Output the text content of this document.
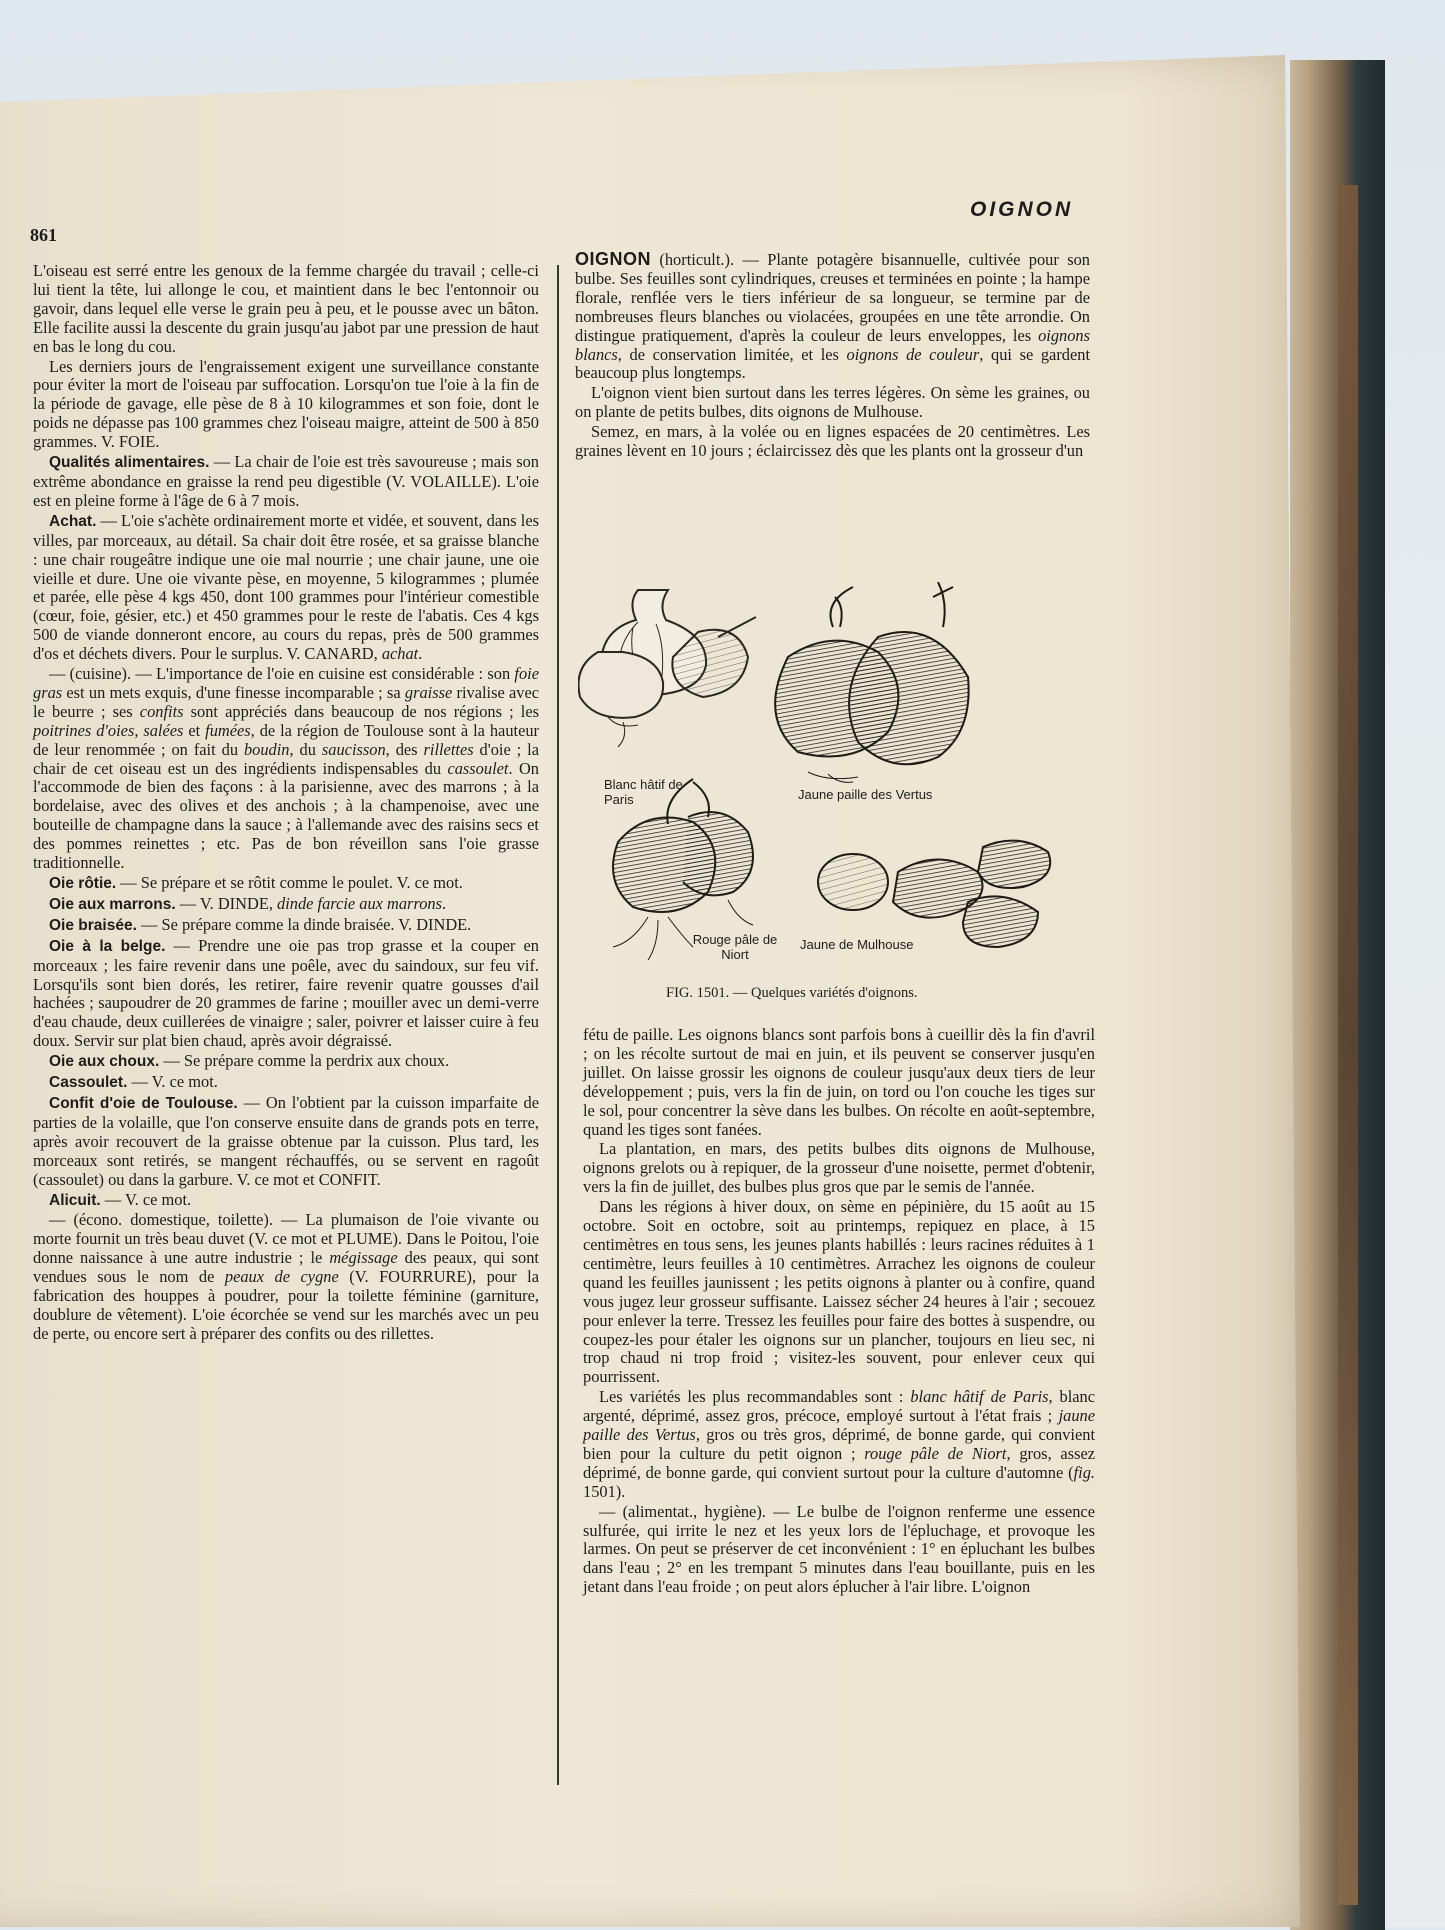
861
OIGNON

L'oiseau est serré entre les genoux de la femme chargée du travail ; celle-ci lui tient la tête, lui allonge le cou, et maintient dans le bec l'entonnoir ou gavoir, dans lequel elle verse le grain peu à peu, et le pousse avec un bâton. Elle facilite aussi la descente du grain jusqu'au jabot par une pression de haut en bas le long du cou.

Les derniers jours de l'engraissement exigent une surveillance constante pour éviter la mort de l'oiseau par suffocation. Lorsqu'on tue l'oie à la fin de la période de gavage, elle pèse de 8 à 10 kilogrammes et son foie, dont le poids ne dépasse pas 100 grammes chez l'oiseau maigre, atteint de 500 à 850 grammes. V. FOIE.

Qualités alimentaires. — La chair de l'oie est très savoureuse ; mais son extrême abondance en graisse la rend peu digestible (V. VOLAILLE). L'oie est en pleine forme à l'âge de 6 à 7 mois.

Achat. — L'oie s'achète ordinairement morte et vidée, et souvent, dans les villes, par morceaux, au détail. Sa chair doit être rosée, et sa graisse blanche : une chair rougeâtre indique une oie mal nourrie ; une chair jaune, une oie vieille et dure. Une oie vivante pèse, en moyenne, 5 kilogrammes ; plumée et parée, elle pèse 4 kgs 450, dont 100 grammes pour l'intérieur comestible (cœur, foie, gésier, etc.) et 450 grammes pour le reste de l'abatis. Ces 4 kgs 500 de viande donneront encore, au cours du repas, près de 500 grammes d'os et déchets divers. Pour le surplus. V. CANARD, achat.

— (cuisine). — L'importance de l'oie en cuisine est considérable : son foie gras est un mets exquis, d'une finesse incomparable ; sa graisse rivalise avec le beurre ; ses confits sont appréciés dans beaucoup de nos régions ; les poitrines d'oies, salées et fumées, de la région de Toulouse sont à la hauteur de leur renommée ; on fait du boudin, du saucisson, des rillettes d'oie ; la chair de cet oiseau est un des ingrédients indispensables du cassoulet. On l'accommode de bien des façons : à la parisienne, avec des marrons ; à la bordelaise, avec des olives et des anchois ; à la champenoise, avec une bouteille de champagne dans la sauce ; à l'allemande avec des raisins secs et des pommes reinettes ; etc. Pas de bon réveillon sans l'oie grasse traditionnelle.

Oie rôtie. — Se prépare et se rôtit comme le poulet. V. ce mot.

Oie aux marrons. — V. DINDE, dinde farcie aux marrons.

Oie braisée. — Se prépare comme la dinde braisée. V. DINDE.

Oie à la belge. — Prendre une oie pas trop grasse et la couper en morceaux ; les faire revenir dans une poêle, avec du saindoux, sur feu vif. Lorsqu'ils sont bien dorés, les retirer, faire revenir quatre gousses d'ail hachées ; saupoudrer de 20 grammes de farine ; mouiller avec un demi-verre d'eau chaude, deux cuillerées de vinaigre ; saler, poivrer et laisser cuire à feu doux. Servir sur plat bien chaud, après avoir dégraissé.

Oie aux choux. — Se prépare comme la perdrix aux choux.

Cassoulet. — V. ce mot.

Confit d'oie de Toulouse. — On l'obtient par la cuisson imparfaite de parties de la volaille, que l'on conserve ensuite dans de grands pots en terre, après avoir recouvert de la graisse obtenue par la cuisson. Plus tard, les morceaux sont retirés, se mangent réchauffés, ou se servent en ragoût (cassoulet) ou dans la garbure. V. ce mot et CONFIT.

Alicuit. — V. ce mot.

— (écono. domestique, toilette). — La plumaison de l'oie vivante ou morte fournit un très beau duvet (V. ce mot et PLUME). Dans le Poitou, l'oie donne naissance à une autre industrie ; le mégissage des peaux, qui sont vendues sous le nom de peaux de cygne (V. FOURRURE), pour la fabrication des houppes à poudrer, pour la toilette féminine (garniture, doublure de vêtement). L'oie écorchée se vend sur les marchés avec un peu de perte, ou encore sert à préparer des confits ou des rillettes.

OIGNON (horticult.). — Plante potagère bisannuelle, cultivée pour son bulbe. Ses feuilles sont cylindriques, creuses et terminées en pointe ; la hampe florale, renflée vers le tiers inférieur de sa longueur, se termine par de nombreuses fleurs blanches ou violacées, groupées en une tête arrondie. On distingue pratiquement, d'après la couleur de leurs enveloppes, les oignons blancs, de conservation limitée, et les oignons de couleur, qui se gardent beaucoup plus longtemps.

L'oignon vient bien surtout dans les terres légères. On sème les graines, ou on plante de petits bulbes, dits oignons de Mulhouse.

Semez, en mars, à la volée ou en lignes espacées de 20 centimètres. Les graines lèvent en 10 jours ; éclaircissez dès que les plants ont la grosseur d'un

Blanc hâtif de Paris	Jaune paille des Vertus
Rouge pâle de Niort
Jaune de Mulhouse
FIG. 1501. — Quelques variétés d'oignons.

fétu de paille. Les oignons blancs sont parfois bons à cueillir dès la fin d'avril ; on les récolte surtout de mai en juin, et ils peuvent se conserver jusqu'en juillet. On laisse grossir les oignons de couleur jusqu'aux deux tiers de leur développement ; puis, vers la fin de juin, on tord ou l'on couche les tiges sur le sol, pour concentrer la sève dans les bulbes. On récolte en août-septembre, quand les tiges sont fanées.

La plantation, en mars, des petits bulbes dits oignons de Mulhouse, oignons grelots ou à repiquer, de la grosseur d'une noisette, permet d'obtenir, vers la fin de juillet, des bulbes plus gros que par le semis de l'année.

Dans les régions à hiver doux, on sème en pépinière, du 15 août au 15 octobre. Soit en octobre, soit au printemps, repiquez en place, à 15 centimètres en tous sens, les jeunes plants habillés : leurs racines réduites à 1 centimètre, leurs feuilles à 10 centimètres. Arrachez les oignons de couleur quand les feuilles jaunissent ; les petits oignons à planter ou à confire, quand vous jugez leur grosseur suffisante. Laissez sécher 24 heures à l'air ; secouez pour enlever la terre. Tressez les feuilles pour faire des bottes à suspendre, ou coupez-les pour étaler les oignons sur un plancher, toujours en lieu sec, ni trop chaud ni trop froid ; visitez-les souvent, pour enlever ceux qui pourrissent.

Les variétés les plus recommandables sont : blanc hâtif de Paris, blanc argenté, déprimé, assez gros, précoce, employé surtout à l'état frais ; jaune paille des Vertus, gros ou très gros, déprimé, de bonne garde, qui convient bien pour la culture du petit oignon ; rouge pâle de Niort, gros, assez déprimé, de bonne garde, qui convient surtout pour la culture d'automne (fig. 1501).

— (alimentat., hygiène). — Le bulbe de l'oignon renferme une essence sulfurée, qui irrite le nez et les yeux lors de l'épluchage, et provoque les larmes. On peut se préserver de cet inconvénient : 1° en épluchant les bulbes dans l'eau ; 2° en les trempant 5 minutes dans l'eau bouillante, puis en les jetant dans l'eau froide ; on peut alors éplucher à l'air libre. L'oignon
